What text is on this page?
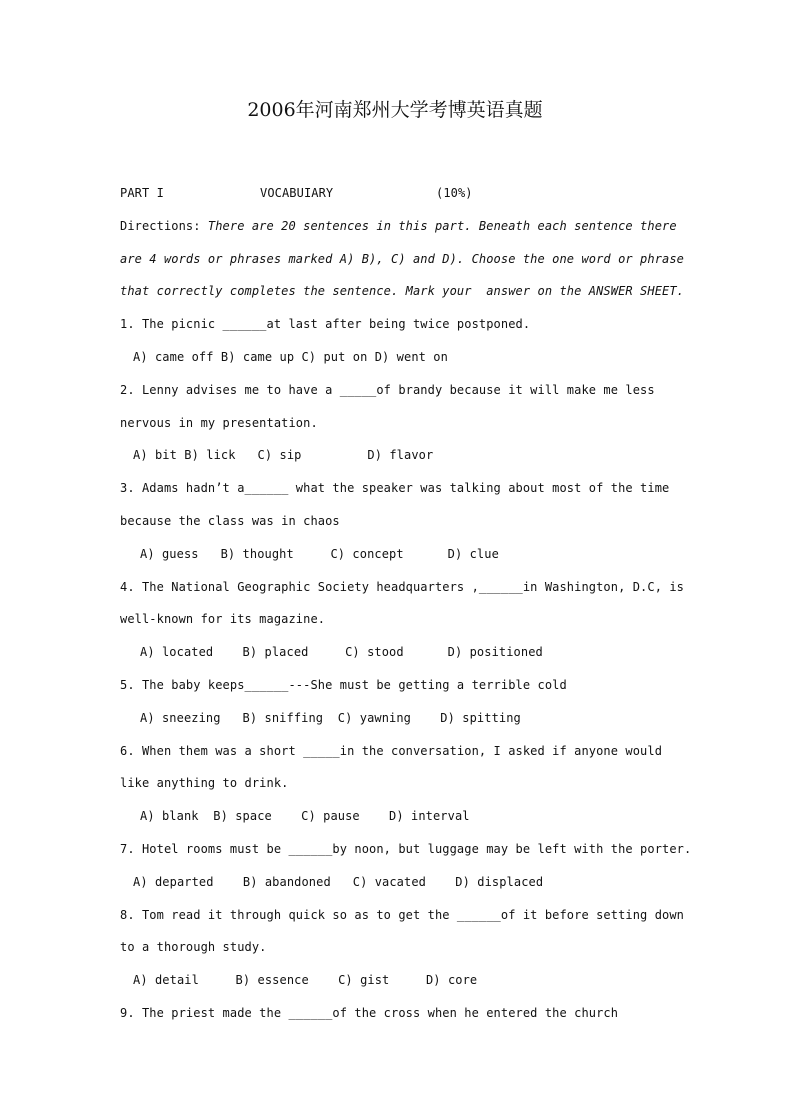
2006年河南郑州大学考博英语真题
PART I	VOCABUIARY	(10%)
Directions: There are 20 sentences in this part. Beneath each sentence there
are 4 words or phrases marked A) B), C) and D). Choose the one word or phrase
that correctly completes the sentence. Mark your  answer on the ANSWER SHEET.
1. The picnic ______at last after being twice postponed.
A) came off B) came up C) put on D) went on
2. Lenny advises me to have a _____of brandy because it will make me less
nervous in my presentation.
A) bit B) lick   C) sip         D) flavor
3. Adams hadn’t a______ what the speaker was talking about most of the time
because the class was in chaos
A) guess   B) thought     C) concept      D) clue
4. The National Geographic Society headquarters ,______in Washington, D.C, is
well-known for its magazine.
A) located    B) placed     C) stood      D) positioned
5. The baby keeps______---She must be getting a terrible cold
A) sneezing   B) sniffing  C) yawning    D) spitting
6. When them was a short _____in the conversation, I asked if anyone would
like anything to drink.
A) blank  B) space    C) pause    D) interval
7. Hotel rooms must be ______by noon, but luggage may be left with the porter.
A) departed    B) abandoned   C) vacated    D) displaced
8. Tom read it through quick so as to get the ______of it before setting down
to a thorough study.
A) detail     B) essence    C) gist     D) core
9. The priest made the ______of the cross when he entered the church
